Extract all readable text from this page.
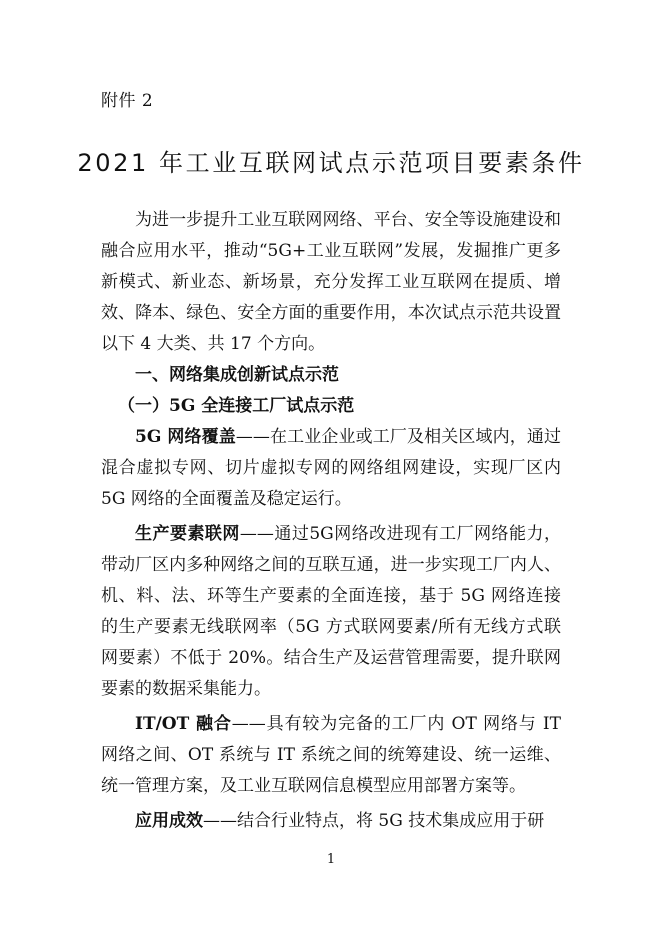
附件 2
2021 年工业互联网试点示范项目要素条件

为进一步提升工业互联网网络、平台、安全等设施建设和融合应用水平，推动“5G+工业互联网”发展，发掘推广更多新模式、新业态、新场景，充分发挥工业互联网在提质、增效、降本、绿色、安全方面的重要作用，本次试点示范共设置以下 4 大类、共 17 个方向。

一、网络集成创新试点示范

（一）5G 全连接工厂试点示范

5G 网络覆盖——在工业企业或工厂及相关区域内，通过混合虚拟专网、切片虚拟专网的网络组网建设，实现厂区内 5G 网络的全面覆盖及稳定运行。

生产要素联网——通过5G网络改进现有工厂网络能力，带动厂区内多种网络之间的互联互通，进一步实现工厂内人、机、料、法、环等生产要素的全面连接，基于 5G 网络连接的生产要素无线联网率（5G 方式联网要素/所有无线方式联网要素）不低于 20%。结合生产及运营管理需要，提升联网要素的数据采集能力。

IT/OT 融合——具有较为完备的工厂内 OT 网络与 IT 网络之间、OT 系统与 IT 系统之间的统筹建设、统一运维、统一管理方案，及工业互联网信息模型应用部署方案等。

应用成效——结合行业特点，将 5G 技术集成应用于研

1
